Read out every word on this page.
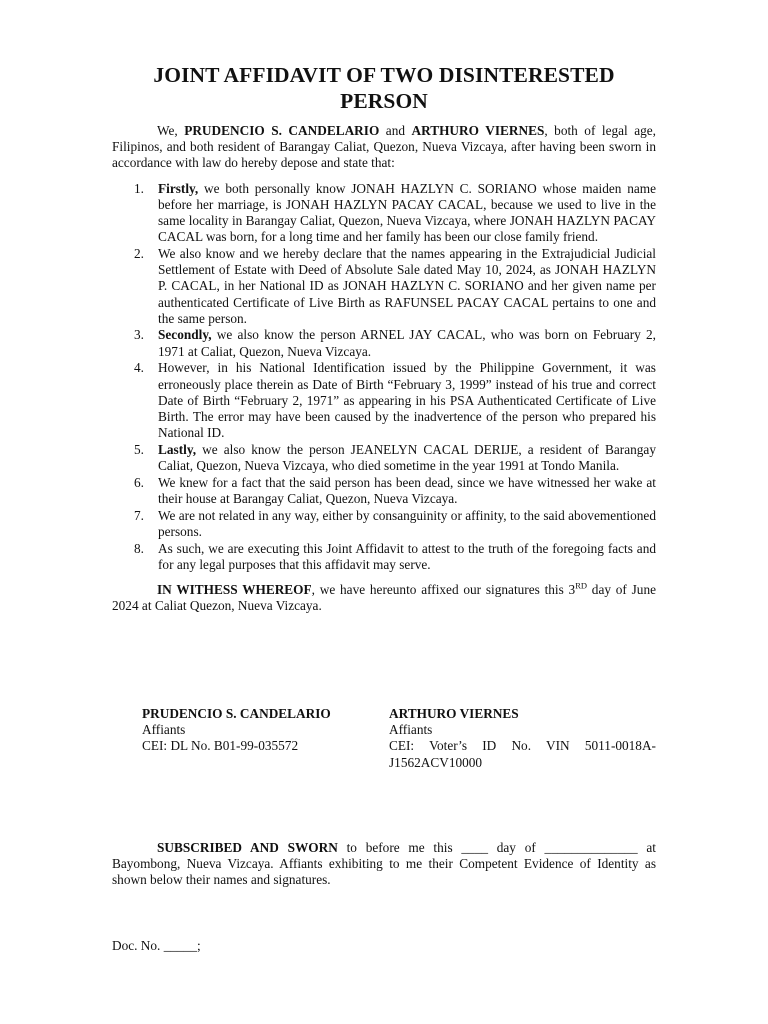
JOINT AFFIDAVIT OF TWO DISINTERESTED PERSON

We, PRUDENCIO S. CANDELARIO and ARTHURO VIERNES, both of legal age, Filipinos, and both resident of Barangay Caliat, Quezon, Nueva Vizcaya, after having been sworn in accordance with law do hereby depose and state that:

1. Firstly, we both personally know JONAH HAZLYN C. SORIANO whose maiden name before her marriage, is JONAH HAZLYN PACAY CACAL, because we used to live in the same locality in Barangay Caliat, Quezon, Nueva Vizcaya, where JONAH HAZLYN PACAY CACAL was born, for a long time and her family has been our close family friend.
2. We also know and we hereby declare that the names appearing in the Extrajudicial Judicial Settlement of Estate with Deed of Absolute Sale dated May 10, 2024, as JONAH HAZLYN P. CACAL, in her National ID as JONAH HAZLYN C. SORIANO and her given name per authenticated Certificate of Live Birth as RAFUNSEL PACAY CACAL pertains to one and the same person.
3. Secondly, we also know the person ARNEL JAY CACAL, who was born on February 2, 1971 at Caliat, Quezon, Nueva Vizcaya.
4. However, in his National Identification issued by the Philippine Government, it was erroneously place therein as Date of Birth “February 3, 1999” instead of his true and correct Date of Birth “February 2, 1971” as appearing in his PSA Authenticated Certificate of Live Birth. The error may have been caused by the inadvertence of the person who prepared his National ID.
5. Lastly, we also know the person JEANELYN CACAL DERIJE, a resident of Barangay Caliat, Quezon, Nueva Vizcaya, who died sometime in the year 1991 at Tondo Manila.
6. We knew for a fact that the said person has been dead, since we have witnessed her wake at their house at Barangay Caliat, Quezon, Nueva Vizcaya.
7. We are not related in any way, either by consanguinity or affinity, to the said abovementioned persons.
8. As such, we are executing this Joint Affidavit to attest to the truth of the foregoing facts and for any legal purposes that this affidavit may serve.

IN WITHESS WHEREOF, we have hereunto affixed our signatures this 3RD day of June 2024 at Caliat Quezon, Nueva Vizcaya.

PRUDENCIO S. CANDELARIO
Affiants
CEI: DL No. B01-99-035572
ARTHURO VIERNES
Affiants
CEI: Voter’s ID No. VIN 5011-0018A-J1562ACV10000

SUBSCRIBED AND SWORN to before me this ____ day of ______________ at Bayombong, Nueva Vizcaya. Affiants exhibiting to me their Competent Evidence of Identity as shown below their names and signatures.

Doc. No. _____;
